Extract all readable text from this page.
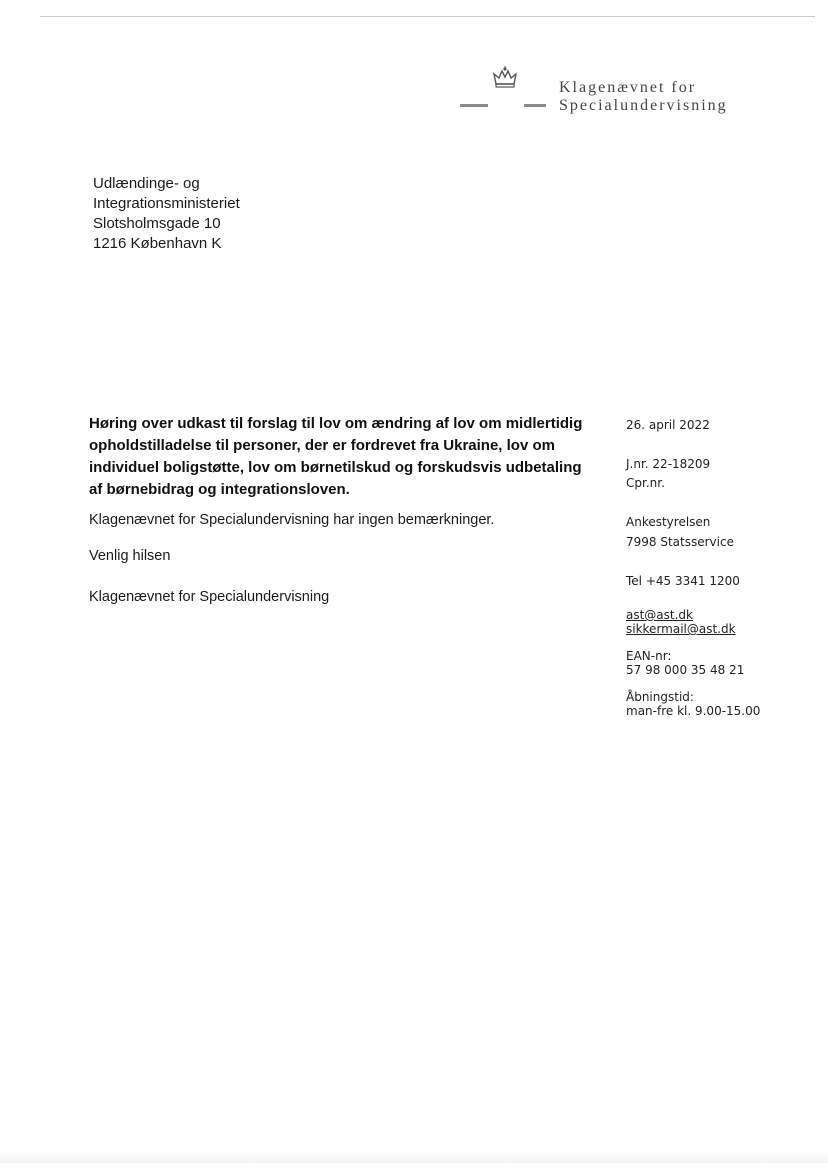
Klagenævnet for
Specialundervisning
Udlændinge- og
Integrationsministeriet
Slotsholmsgade 10
1216 København K
Høring over udkast til forslag til lov om ændring af lov om midlertidig opholdstilladelse til personer, der er fordrevet fra Ukraine, lov om individuel boligstøtte, lov om børnetilskud og forskudsvis udbetaling af børnebidrag og integrationsloven.
Klagenævnet for Specialundervisning har ingen bemærkninger.
Venlig hilsen
Klagenævnet for Specialundervisning
26. april 2022
J.nr. 22-18209
Cpr.nr.
Ankestyrelsen
7998 Statsservice
Tel +45 3341 1200
ast@ast.dk
sikkermail@ast.dk
EAN-nr:
57 98 000 35 48 21
Åbningstid:
man-fre kl. 9.00-15.00
